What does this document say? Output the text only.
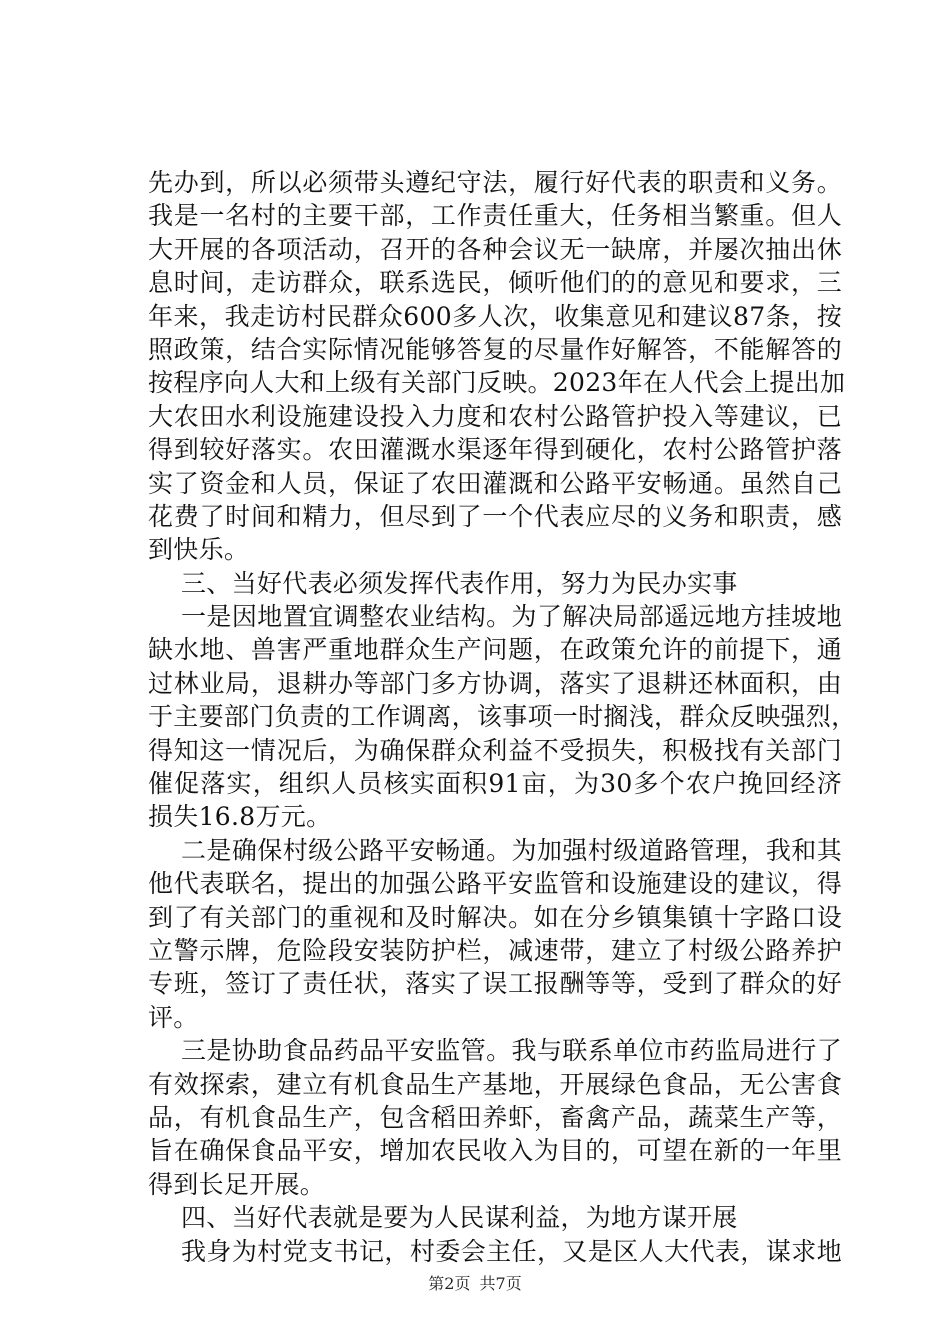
先办到，所以必须带头遵纪守法，履行好代表的职责和义务。
我是一名村的主要干部，工作责任重大，任务相当繁重。但人
大开展的各项活动，召开的各种会议无一缺席，并屡次抽出休
息时间，走访群众，联系选民，倾听他们的的意见和要求，三
年来，我走访村民群众600多人次，收集意见和建议87条，按
照政策，结合实际情况能够答复的尽量作好解答，不能解答的
按程序向人大和上级有关部门反映。2023年在人代会上提出加
大农田水利设施建设投入力度和农村公路管护投入等建议，已
得到较好落实。农田灌溉水渠逐年得到硬化，农村公路管护落
实了资金和人员，保证了农田灌溉和公路平安畅通。虽然自己
花费了时间和精力，但尽到了一个代表应尽的义务和职责，感
到快乐。
三、当好代表必须发挥代表作用，努力为民办实事
一是因地置宜调整农业结构。为了解决局部遥远地方挂坡地
缺水地、兽害严重地群众生产问题，在政策允许的前提下，通
过林业局，退耕办等部门多方协调，落实了退耕还林面积，由
于主要部门负责的工作调离，该事项一时搁浅，群众反映强烈，
得知这一情况后，为确保群众利益不受损失，积极找有关部门
催促落实，组织人员核实面积91亩，为30多个农户挽回经济
损失16.8万元。
二是确保村级公路平安畅通。为加强村级道路管理，我和其
他代表联名，提出的加强公路平安监管和设施建设的建议，得
到了有关部门的重视和及时解决。如在分乡镇集镇十字路口设
立警示牌，危险段安装防护栏，减速带，建立了村级公路养护
专班，签订了责任状，落实了误工报酬等等，受到了群众的好
评。
三是协助食品药品平安监管。我与联系单位市药监局进行了
有效探索，建立有机食品生产基地，开展绿色食品，无公害食
品，有机食品生产，包含稻田养虾，畜禽产品，蔬菜生产等，
旨在确保食品平安，增加农民收入为目的，可望在新的一年里
得到长足开展。
四、当好代表就是要为人民谋利益，为地方谋开展
我身为村党支书记，村委会主任，又是区人大代表，谋求地
第2页 共7页
